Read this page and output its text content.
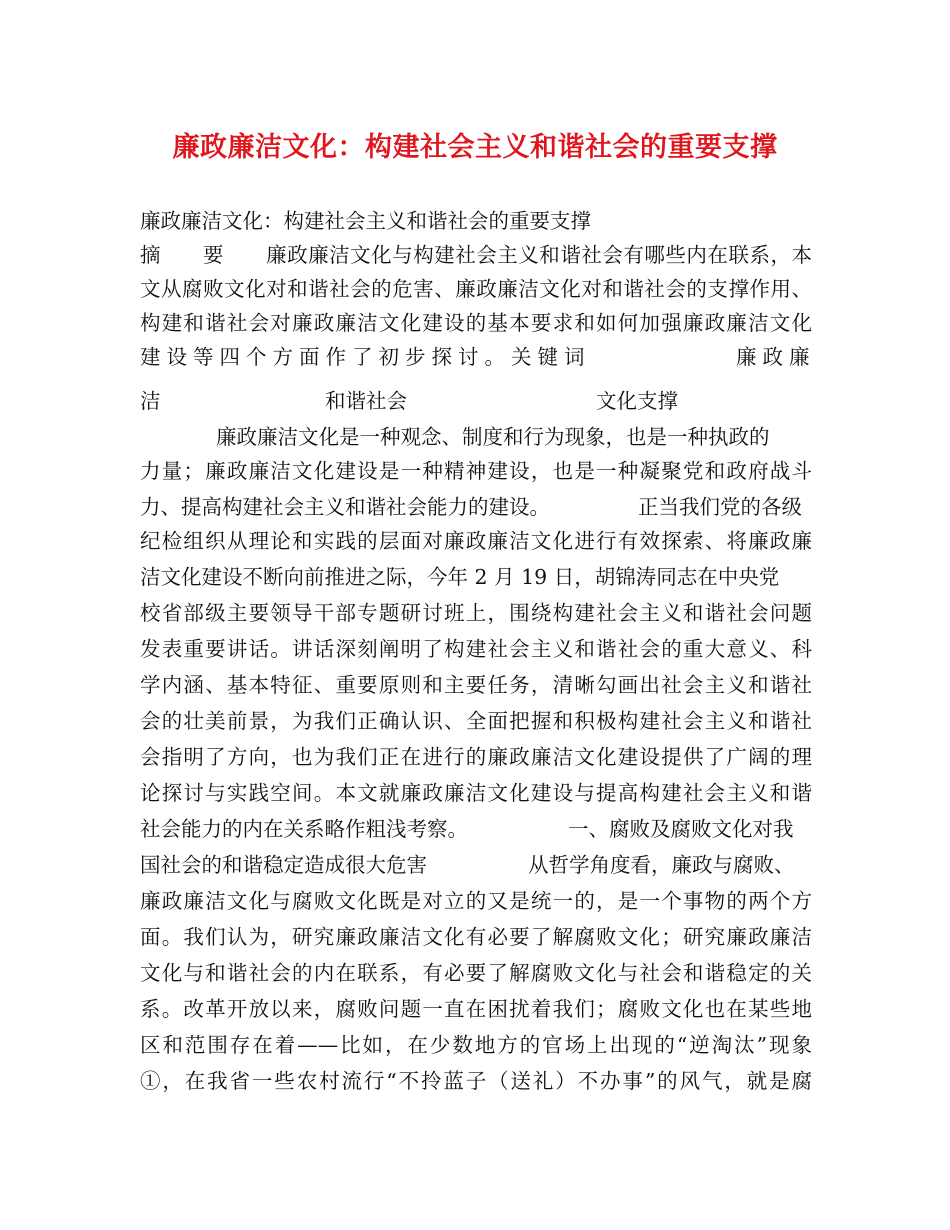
廉政廉洁文化：构建社会主义和谐社会的重要支撑
廉政廉洁文化：构建社会主义和谐社会的重要支撑
摘　　要　　廉政廉洁文化与构建社会主义和谐社会有哪些内在联系，本
文从腐败文化对和谐社会的危害、廉政廉洁文化对和谐社会的支撑作用、
构建和谐社会对廉政廉洁文化建设的基本要求和如何加强廉政廉洁文化
建设等四个方面作了初步探讨。关键词	廉政廉
洁	和谐社会	文化支撑
廉政廉洁文化是一种观念、制度和行为现象，也是一种执政的
力量；廉政廉洁文化建设是一种精神建设，也是一种凝聚党和政府战斗
力、提高构建社会主义和谐社会能力的建设。	正当我们党的各级
纪检组织从理论和实践的层面对廉政廉洁文化进行有效探索、将廉政廉
洁文化建设不断向前推进之际，今年 2 月 19 日，胡锦涛同志在中央党
校省部级主要领导干部专题研讨班上，围绕构建社会主义和谐社会问题
发表重要讲话。讲话深刻阐明了构建社会主义和谐社会的重大意义、科
学内涵、基本特征、重要原则和主要任务，清晰勾画出社会主义和谐社
会的壮美前景，为我们正确认识、全面把握和积极构建社会主义和谐社
会指明了方向，也为我们正在进行的廉政廉洁文化建设提供了广阔的理
论探讨与实践空间。本文就廉政廉洁文化建设与提高构建社会主义和谐
社会能力的内在关系略作粗浅考察。	一、腐败及腐败文化对我
国社会的和谐稳定造成很大危害	从哲学角度看，廉政与腐败、
廉政廉洁文化与腐败文化既是对立的又是统一的，是一个事物的两个方
面。我们认为，研究廉政廉洁文化有必要了解腐败文化；研究廉政廉洁
文化与和谐社会的内在联系，有必要了解腐败文化与社会和谐稳定的关
系。改革开放以来，腐败问题一直在困扰着我们；腐败文化也在某些地
区和范围存在着——比如，在少数地方的官场上出现的“逆淘汰”现象
①，在我省一些农村流行“不拎蓝子（送礼）不办事”的风气，就是腐
